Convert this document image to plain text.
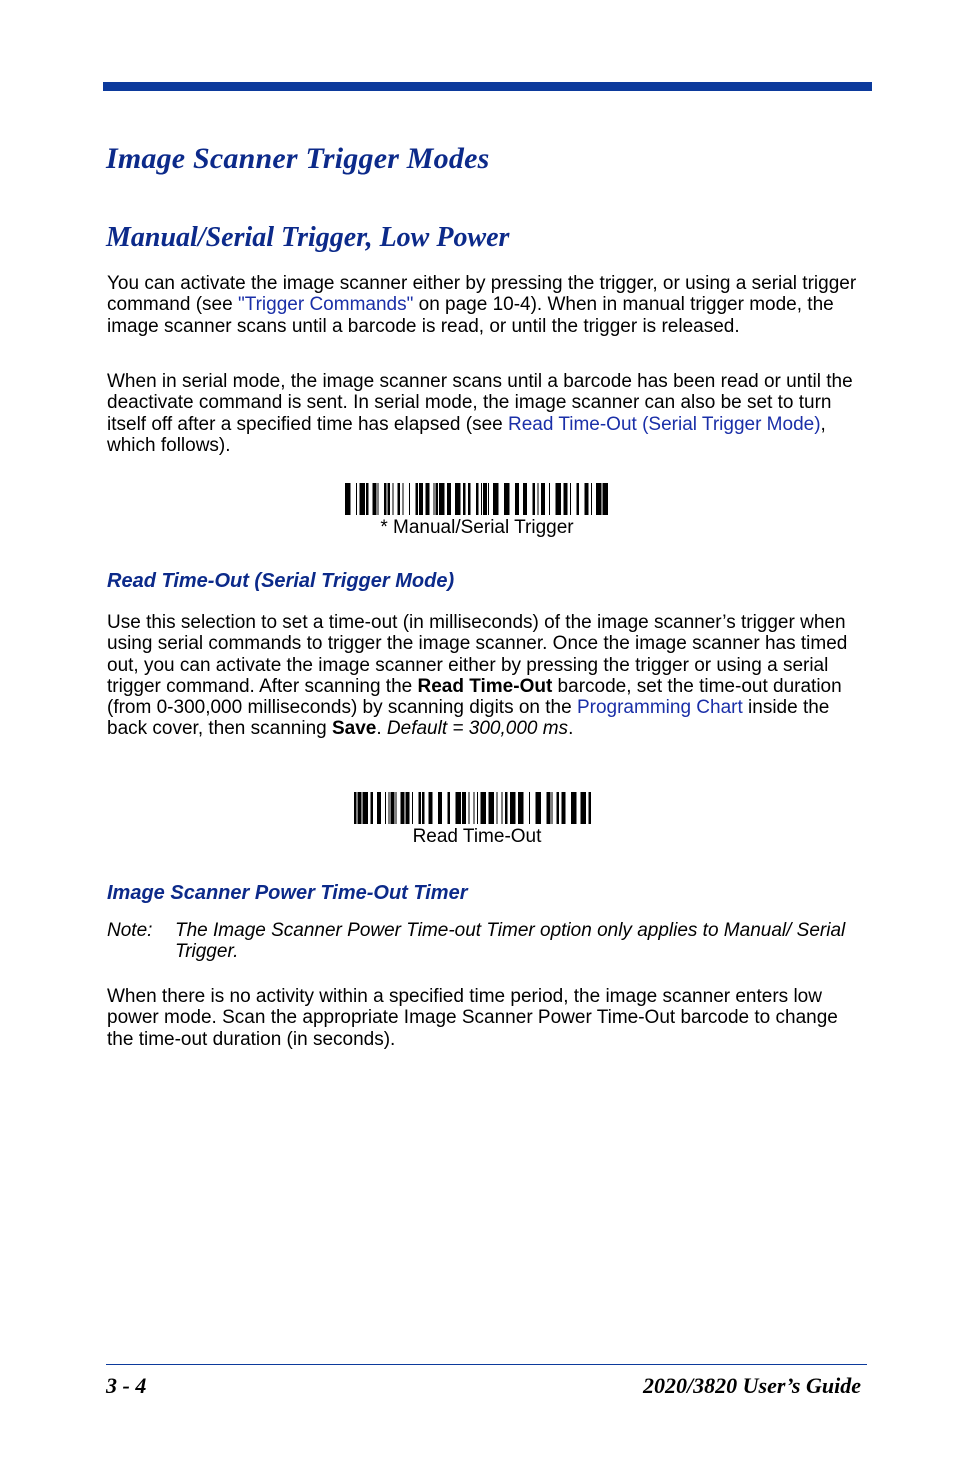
Image Scanner Trigger Modes
Manual/Serial Trigger, Low Power

You can activate the image scanner either by pressing the trigger, or using a serial trigger command (see "Trigger Commands" on page 10-4). When in manual trigger mode, the image scanner scans until a barcode is read, or until the trigger is released.

When in serial mode, the image scanner scans until a barcode has been read or until the deactivate command is sent. In serial mode, the image scanner can also be set to turn itself off after a specified time has elapsed (see Read Time-Out (Serial Trigger Mode), which follows).

* Manual/Serial Trigger
Read Time-Out (Serial Trigger Mode)

Use this selection to set a time-out (in milliseconds) of the image scanner’s trigger when using serial commands to trigger the image scanner. Once the image scanner has timed out, you can activate the image scanner either by pressing the trigger or using a serial trigger command. After scanning the Read Time-Out barcode, set the time-out duration (from 0-300,000 milliseconds) by scanning digits on the Programming Chart inside the back cover, then scanning Save. Default = 300,000 ms.

Read Time-Out
Image Scanner Power Time-Out Timer
Note: The Image Scanner Power Time-out Timer option only applies to Manual/ Serial Trigger.

When there is no activity within a specified time period, the image scanner enters low power mode. Scan the appropriate Image Scanner Power Time-Out barcode to change the time-out duration (in seconds).

3 - 4	2020/3820 User’s Guide
